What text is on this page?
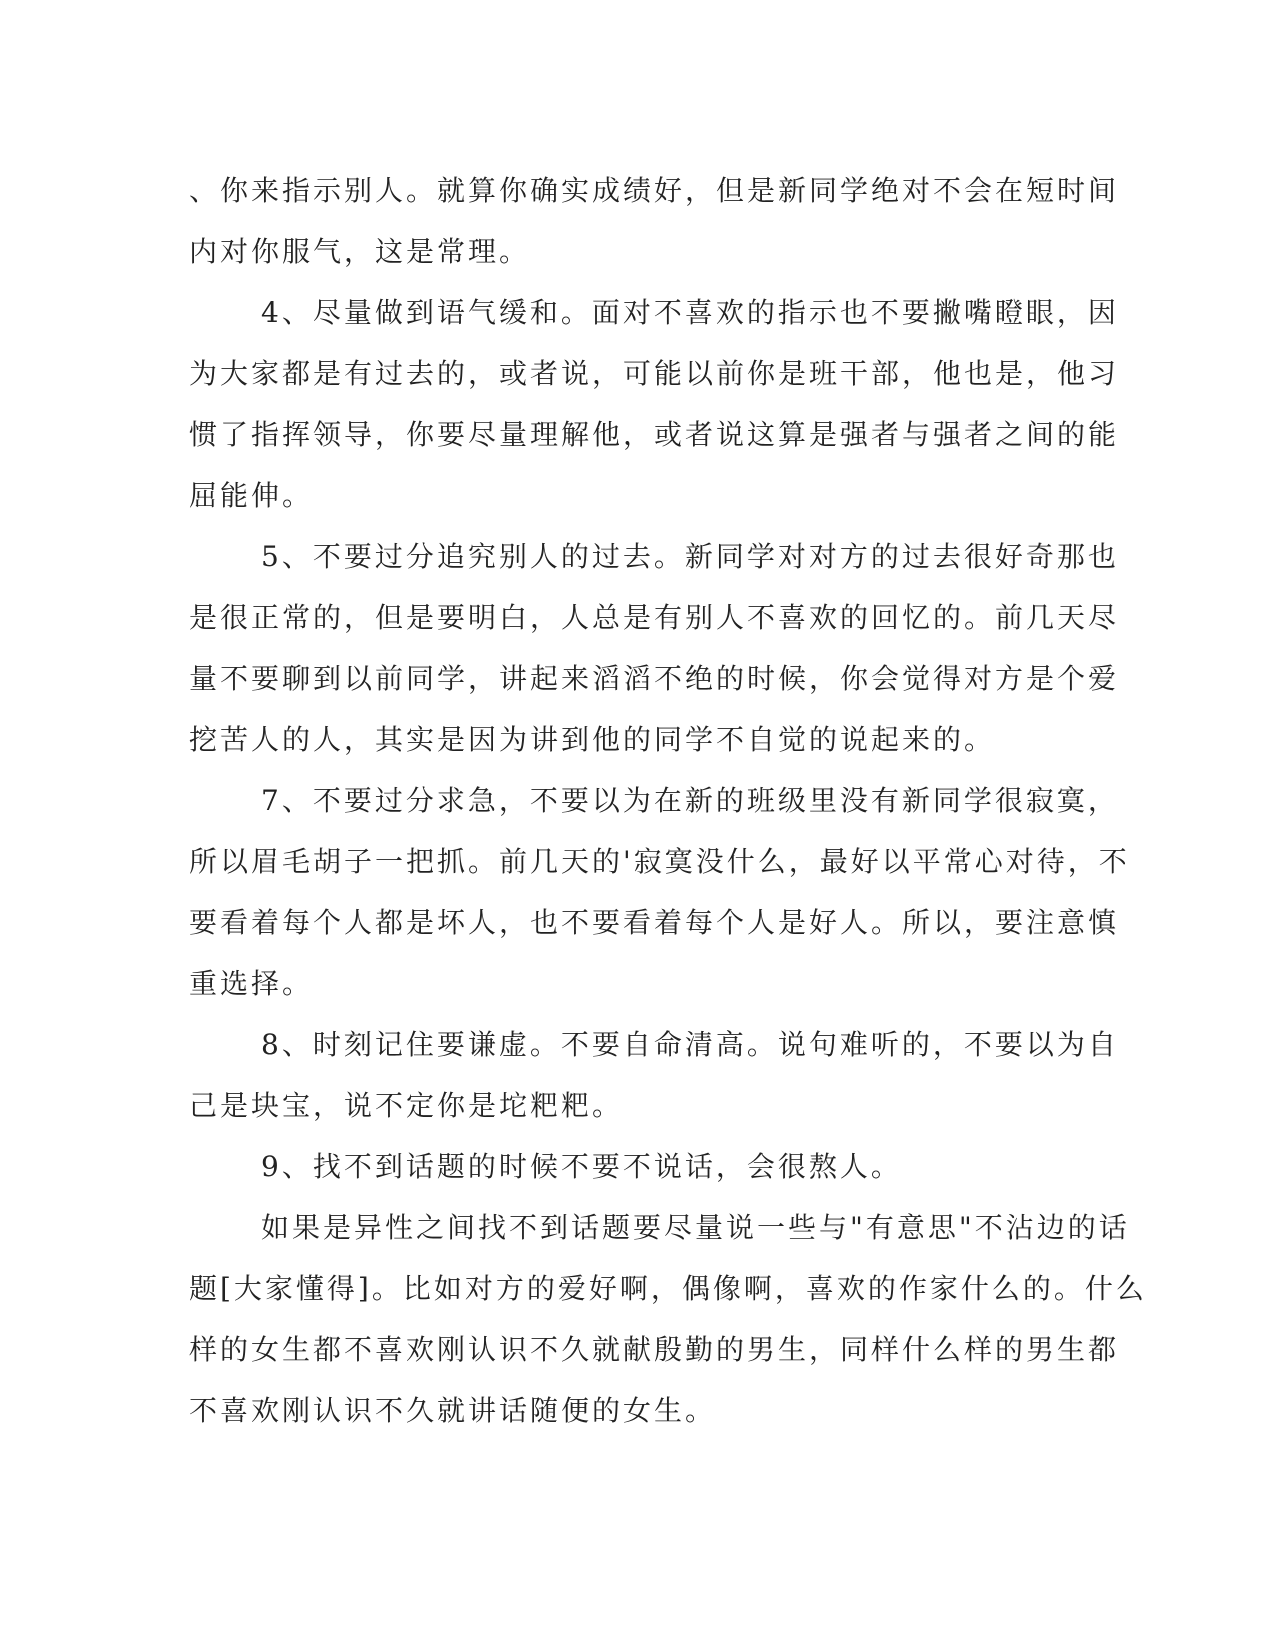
、你来指示别人。就算你确实成绩好，但是新同学绝对不会在短时间
内对你服气，这是常理。
4、尽量做到语气缓和。面对不喜欢的指示也不要撇嘴瞪眼，因
为大家都是有过去的，或者说，可能以前你是班干部，他也是，他习
惯了指挥领导，你要尽量理解他，或者说这算是强者与强者之间的能
屈能伸。
5、不要过分追究别人的过去。新同学对对方的过去很好奇那也
是很正常的，但是要明白，人总是有别人不喜欢的回忆的。前几天尽
量不要聊到以前同学，讲起来滔滔不绝的时候，你会觉得对方是个爱
挖苦人的人，其实是因为讲到他的同学不自觉的说起来的。
7、不要过分求急，不要以为在新的班级里没有新同学很寂寞，
所以眉毛胡子一把抓。前几天的'寂寞没什么，最好以平常心对待，不
要看着每个人都是坏人，也不要看着每个人是好人。所以，要注意慎
重选择。
8、时刻记住要谦虚。不要自命清高。说句难听的，不要以为自
己是块宝，说不定你是坨粑粑。
9、找不到话题的时候不要不说话，会很熬人。
如果是异性之间找不到话题要尽量说一些与"有意思"不沾边的话
题[大家懂得]。比如对方的爱好啊，偶像啊，喜欢的作家什么的。什么
样的女生都不喜欢刚认识不久就献殷勤的男生，同样什么样的男生都
不喜欢刚认识不久就讲话随便的女生。
